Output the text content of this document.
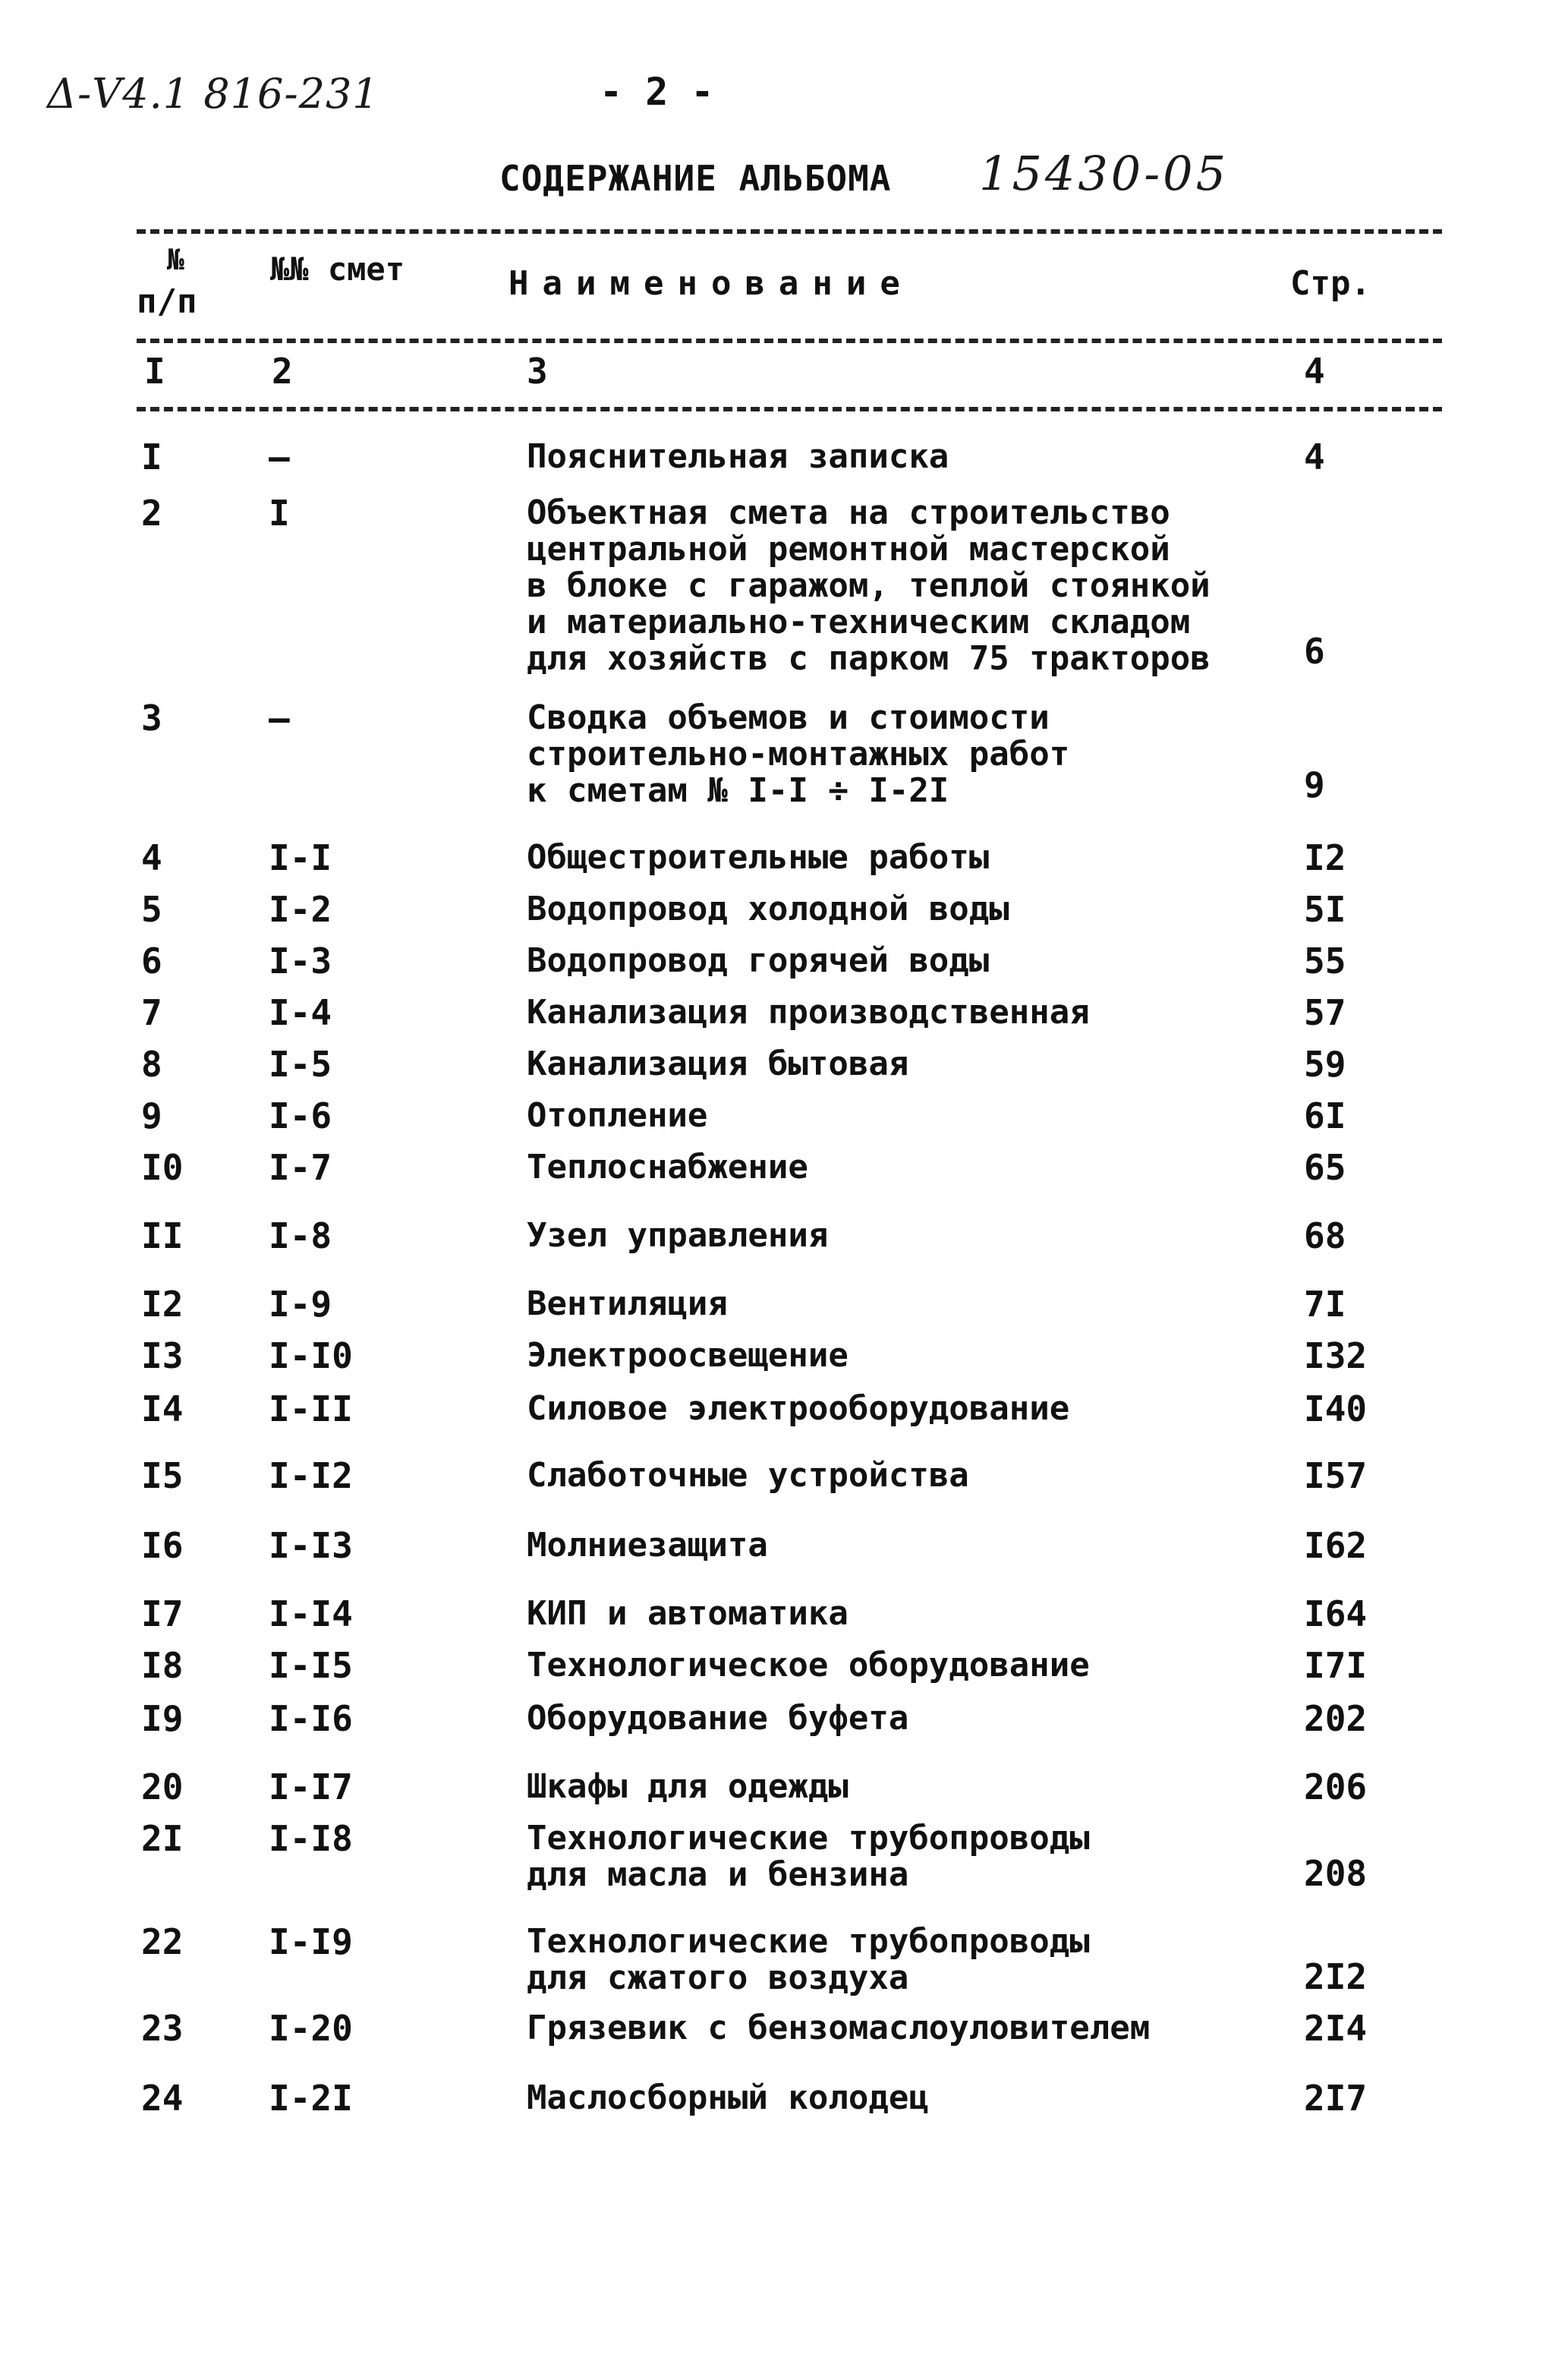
Δ-V4.1 816-231	- 2 -
СОДЕРЖАНИЕ АЛЬБОМА 15430-05
№
п/п
№№ смет	Наименование	Стр.
I	2	3	4
I	–	Пояснительная записка	4
2	I	Объектная смета на строительство
центральной ремонтной мастерской
в блоке с гаражом, теплой стоянкой
и материально-техническим складом
для хозяйств с парком 75 тракторов	6
3	–	Сводка объемов и стоимости
строительно-монтажных работ
к сметам № I-I ÷ I-2I	9
4	I-I	Общестроительные работы	I2
5	I-2	Водопровод холодной воды	5I
6	I-3	Водопровод горячей воды	55
7	I-4	Канализация производственная	57
8	I-5	Канализация бытовая	59
9	I-6	Отопление	6I
I0 I-7	Теплоснабжение	65
II I-8	Узел управления	68
I2 I-9	Вентиляция	7I
I3 I-I0	Электроосвещение	I32
I4 I-II	Силовое электрооборудование	I40
I5 I-I2	Слаботочные устройства	I57
I6 I-I3	Молниезащита	I62
I7 I-I4	КИП и автоматика	I64
I8 I-I5	Технологическое оборудование	I7I
I9 I-I6	Оборудование буфета	202
20 I-I7	Шкафы для одежды	206
2I I-I8	Технологические трубопроводы
для масла и бензина	208
22 I-I9	Технологические трубопроводы
для сжатого воздуха	2I2
23 I-20	Грязевик с бензомаслоуловителем	2I4
24 I-2I	Маслосборный колодец	2I7
